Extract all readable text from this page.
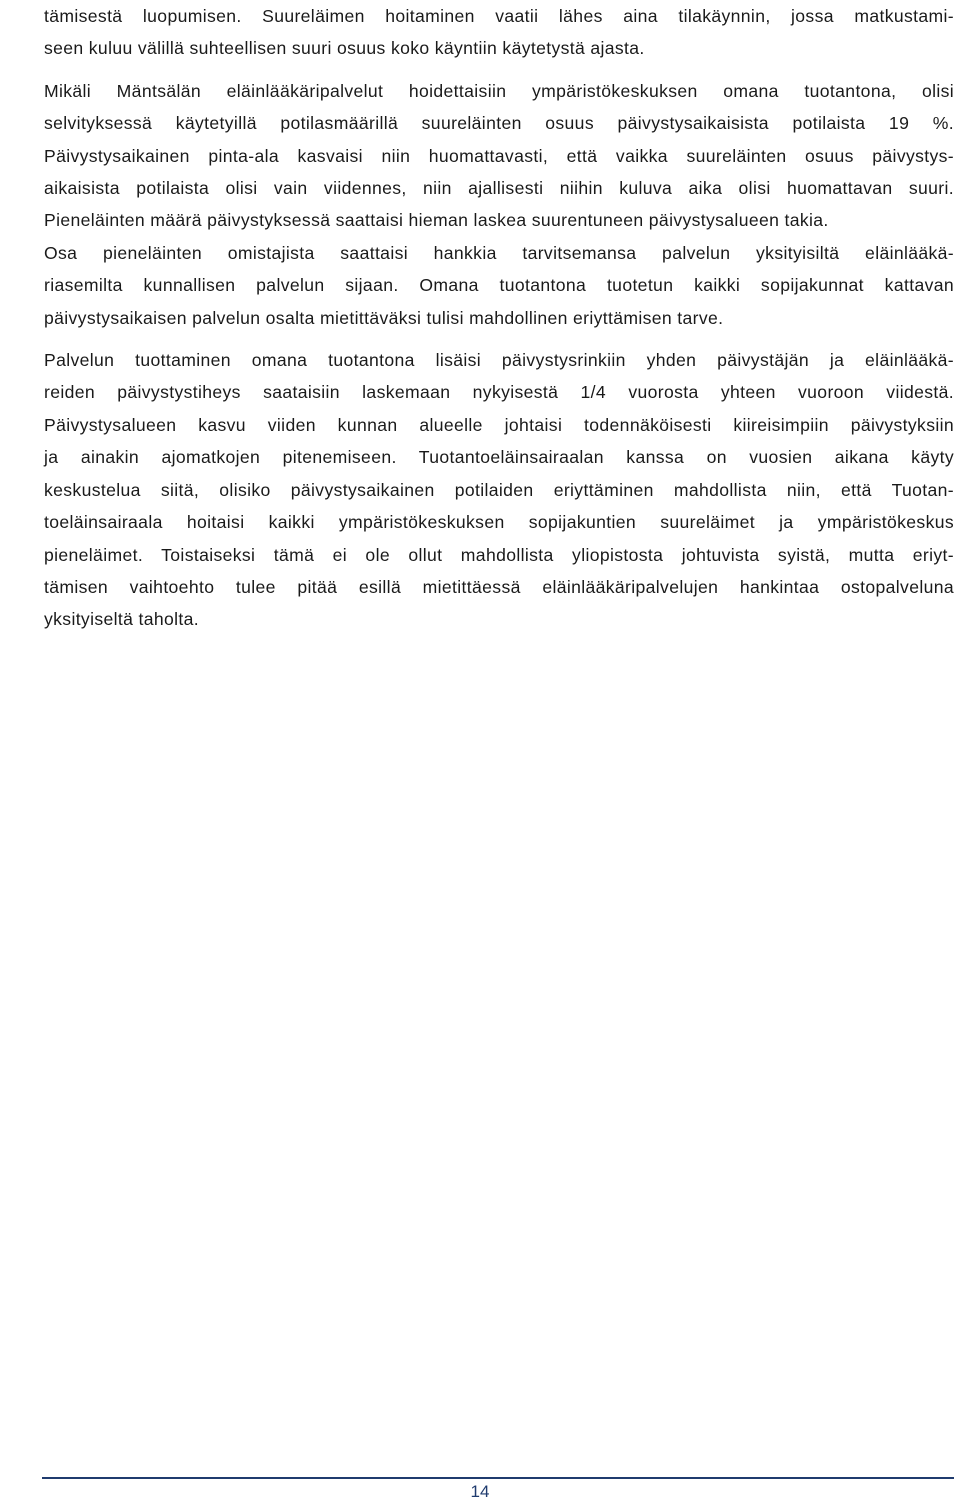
tämisestä luopumisen. Suureläimen hoitaminen vaatii lähes aina tilakäynnin, jossa matkustami-
seen kuluu välillä suhteellisen suuri osuus koko käyntiin käytetystä ajasta.

Mikäli Mäntsälän eläinlääkäripalvelut hoidettaisiin ympäristökeskuksen omana tuotantona, olisi
selvityksessä käytetyillä potilasmäärillä suureläinten osuus päivystysaikaisista potilaista 19 %.
Päivystysaikainen pinta-ala kasvaisi niin huomattavasti, että vaikka suureläinten osuus päivystys-
aikaisista potilaista olisi vain viidennes, niin ajallisesti niihin kuluva aika olisi huomattavan suuri.
Pieneläinten määrä päivystyksessä saattaisi hieman laskea suurentuneen päivystysalueen takia.
Osa pieneläinten omistajista saattaisi hankkia tarvitsemansa palvelun yksityisiltä eläinlääkä-
riasemilta kunnallisen palvelun sijaan. Omana tuotantona tuotetun kaikki sopijakunnat kattavan
päivystysaikaisen palvelun osalta mietittäväksi tulisi mahdollinen eriyttämisen tarve.

Palvelun tuottaminen omana tuotantona lisäisi päivystysrinkiin yhden päivystäjän ja eläinlääkä-
reiden päivystystiheys saataisiin laskemaan nykyisestä 1/4 vuorosta yhteen vuoroon viidestä.
Päivystysalueen kasvu viiden kunnan alueelle johtaisi todennäköisesti kiireisimpiin päivystyksiin
ja ainakin ajomatkojen pitenemiseen. Tuotantoeläinsairaalan kanssa on vuosien aikana käyty
keskustelua siitä, olisiko päivystysaikainen potilaiden eriyttäminen mahdollista niin, että Tuotan-
toeläinsairaala hoitaisi kaikki ympäristökeskuksen sopijakuntien suureläimet ja ympäristökeskus
pieneläimet. Toistaiseksi tämä ei ole ollut mahdollista yliopistosta johtuvista syistä, mutta eriyt-
tämisen vaihtoehto tulee pitää esillä mietittäessä eläinlääkäripalvelujen hankintaa ostopalveluna
yksityiseltä taholta.

14
